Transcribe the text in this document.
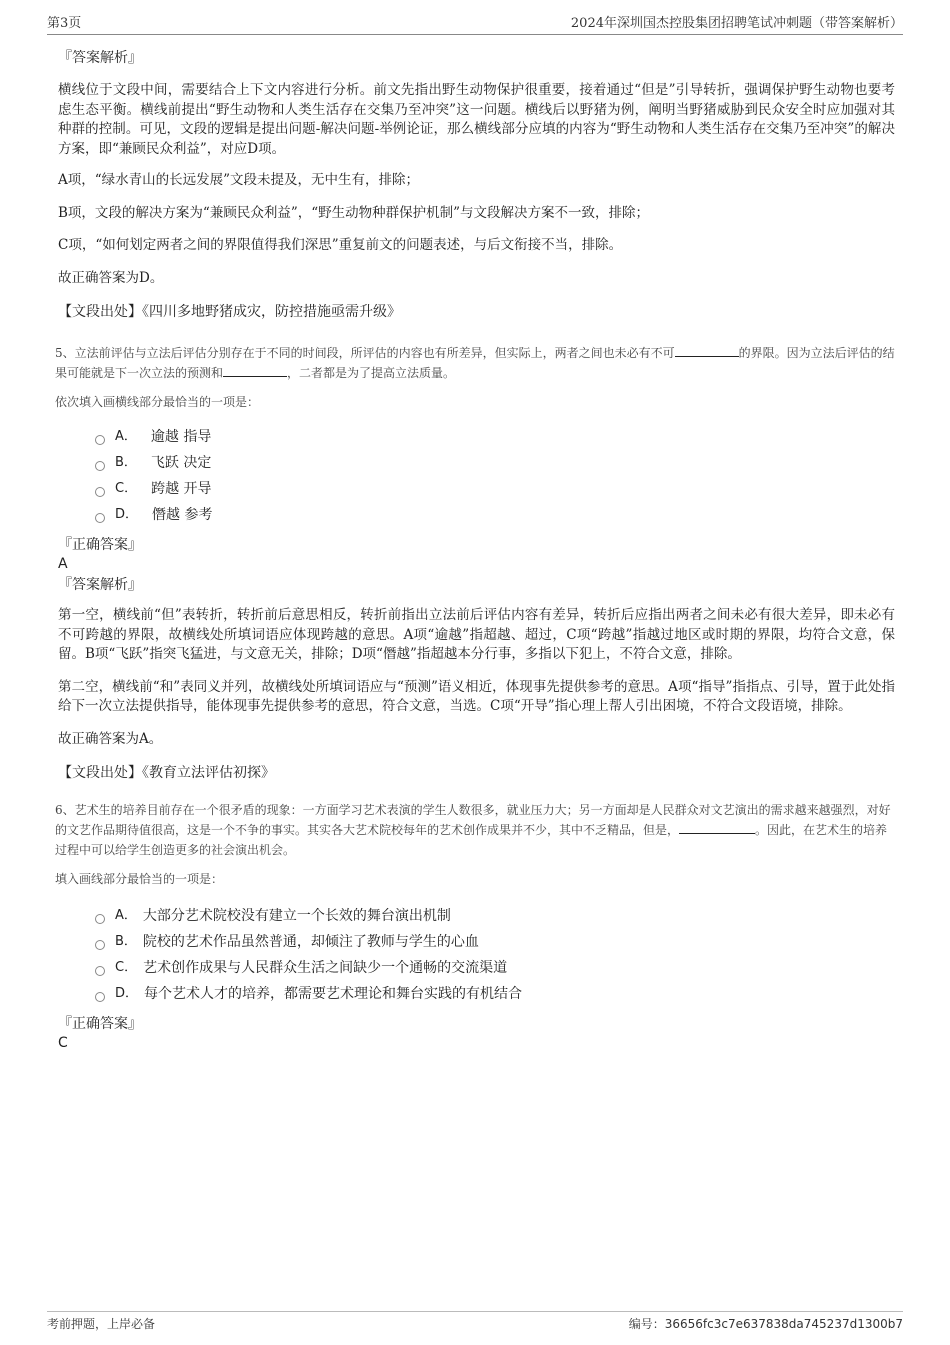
第3页	2024年深圳国杰控股集团招聘笔试冲刺题（带答案解析）
『答案解析』

横线位于文段中间，需要结合上下文内容进行分析。前文先指出野生动物保护很重要，接着通过“但是”引导转折，强调保护野生动物也要考虑生态平衡。横线前提出“野生动物和人类生活存在交集乃至冲突”这一问题。横线后以野猪为例，阐明当野猪威胁到民众安全时应加强对其种群的控制。可见，文段的逻辑是提出问题-解决问题-举例论证，那么横线部分应填的内容为“野生动物和人类生活存在交集乃至冲突”的解决方案，即“兼顾民众利益”，对应D项。

A项，“绿水青山的长远发展”文段未提及，无中生有，排除；

B项，文段的解决方案为“兼顾民众利益”，“野生动物种群保护机制”与文段解决方案不一致，排除；

C项，“如何划定两者之间的界限值得我们深思”重复前文的问题表述，与后文衔接不当，排除。

故正确答案为D。

【文段出处】《四川多地野猪成灾，防控措施亟需升级》

5、立法前评估与立法后评估分别存在于不同的时间段，所评估的内容也有所差异，但实际上，两者之间也未必有不可	的界限。因为立法后评估的结果可能就是下一次立法的预测和	，二者都是为了提高立法质量。

依次填入画横线部分最恰当的一项是：

A． 逾越 指导
B． 飞跃 决定
C． 跨越 开导
D． 僭越 参考
『正确答案』
A
『答案解析』

第一空，横线前“但”表转折，转折前后意思相反，转折前指出立法前后评估内容有差异，转折后应指出两者之间未必有很大差异，即未必有不可跨越的界限，故横线处所填词语应体现跨越的意思。A项“逾越”指超越、超过，C项“跨越”指越过地区或时期的界限，均符合文意，保留。B项“飞跃”指突飞猛进，与文意无关，排除；D项“僭越”指超越本分行事，多指以下犯上，不符合文意，排除。

第二空，横线前“和”表同义并列，故横线处所填词语应与“预测”语义相近，体现事先提供参考的意思。A项“指导”指指点、引导，置于此处指给下一次立法提供指导，能体现事先提供参考的意思，符合文意，当选。C项“开导”指心理上帮人引出困境，不符合文段语境，排除。

故正确答案为A。

【文段出处】《教育立法评估初探》

6、艺术生的培养目前存在一个很矛盾的现象：一方面学习艺术表演的学生人数很多，就业压力大；另一方面却是人民群众对文艺演出的需求越来越强烈，对好的文艺作品期待值很高，这是一个不争的事实。其实各大艺术院校每年的艺术创作成果并不少，其中不乏精品，但是，	。因此，在艺术生的培养过程中可以给学生创造更多的社会演出机会。

填入画线部分最恰当的一项是：

A． 大部分艺术院校没有建立一个长效的舞台演出机制
B． 院校的艺术作品虽然普通，却倾注了教师与学生的心血
C． 艺术创作成果与人民群众生活之间缺少一个通畅的交流渠道
D． 每个艺术人才的培养，都需要艺术理论和舞台实践的有机结合
『正确答案』
C
考前押题，上岸必备	编号：36656fc3c7e637838da745237d1300b7
